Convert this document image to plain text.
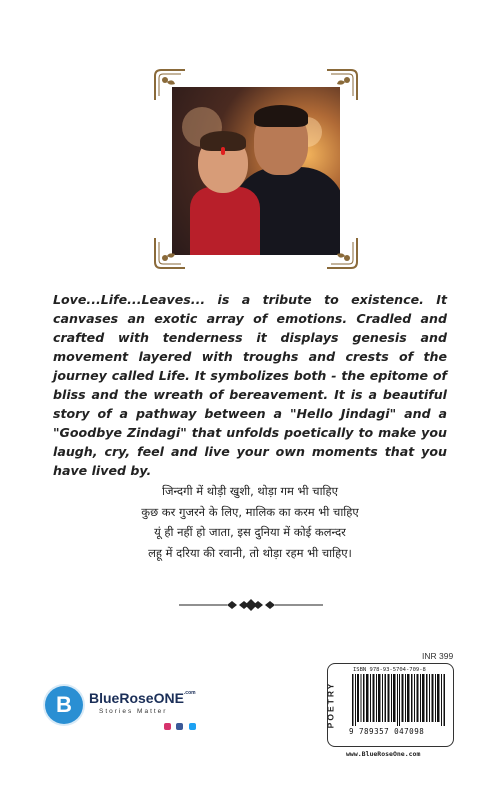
Love...Life...Leaves... is a tribute to existence. It canvases an exotic array of emotions. Cradled and crafted with tenderness it displays genesis and movement layered with troughs and crests of the journey called Life. It symbolizes both - the epitome of bliss and the wreath of bereavement. It is a beautiful story of a pathway between a "Hello Jindagi" and a "Goodbye Zindagi" that unfolds poetically to make you laugh, cry, feel and live your own moments that you have lived by.
जिन्दगी में थोड़ी खुशी, थोड़ा गम भी चाहिए
कुछ कर गुजरने के लिए, मालिक का करम भी चाहिए
यूं ही नहीं हो जाता, इस दुनिया में कोई कलन्दर
लहू में दरिया की रवानी, तो थोड़ा रहम भी चाहिए।
INR 399
POETRY
ISBN 978-93-5704-709-8
9 789357 047098
www.BlueRoseOne.com
B	BlueRoseONE$^{.com}$
Stories Matter
